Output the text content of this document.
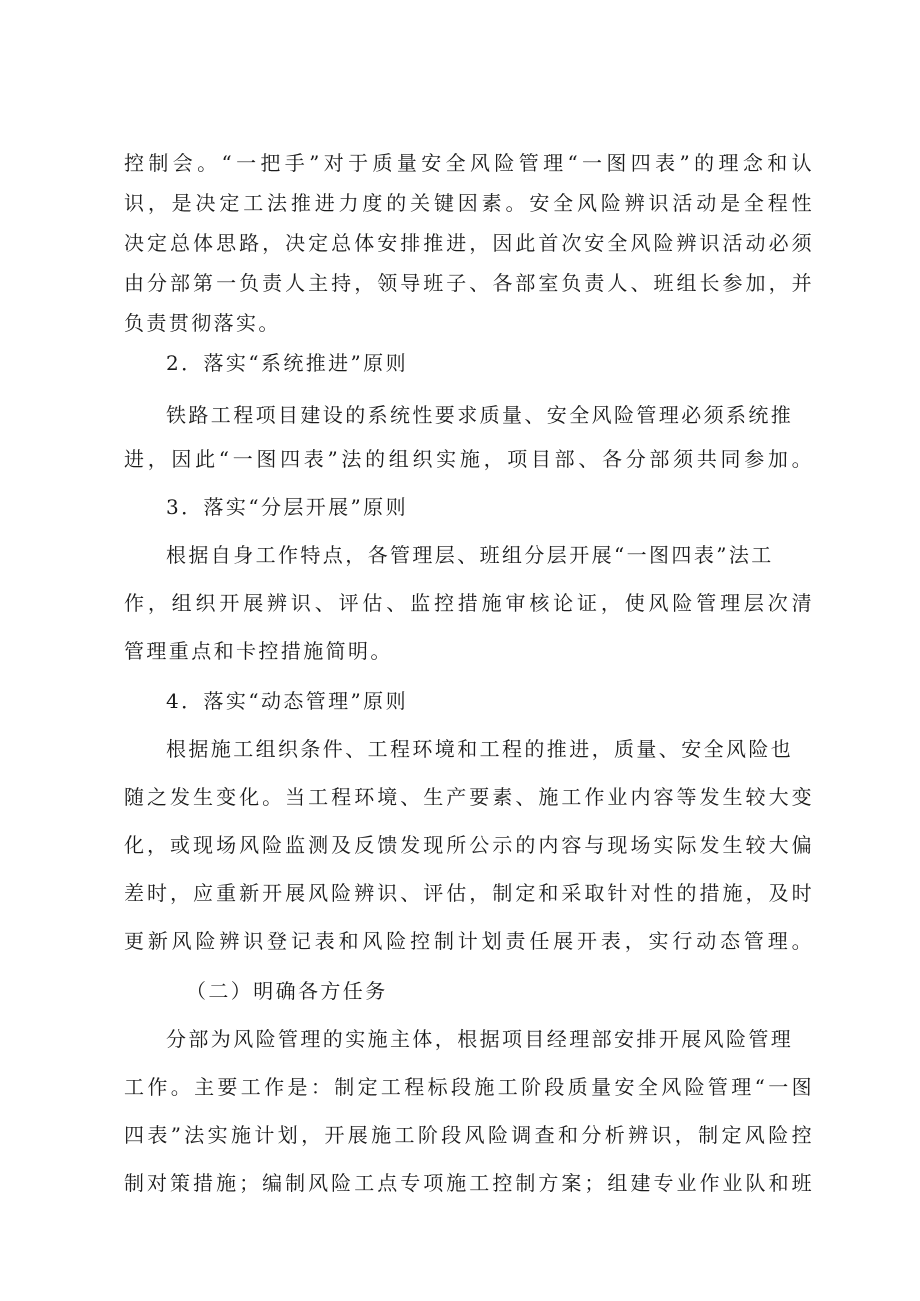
控制会。“一把手”对于质量安全风险管理“一图四表”的理念和认
识，是决定工法推进力度的关键因素。安全风险辨识活动是全程性
决定总体思路，决定总体安排推进，因此首次安全风险辨识活动必须
由分部第一负责人主持，领导班子、各部室负责人、班组长参加，并
负责贯彻落实。
2．落实“系统推进”原则
铁路工程项目建设的系统性要求质量、安全风险管理必须系统推
进，因此“一图四表”法的组织实施，项目部、各分部须共同参加。
3．落实“分层开展”原则
根据自身工作特点，各管理层、班组分层开展“一图四表”法工
作，组织开展辨识、评估、监控措施审核论证，使风险管理层次清
管理重点和卡控措施简明。
4．落实“动态管理”原则
根据施工组织条件、工程环境和工程的推进，质量、安全风险也
随之发生变化。当工程环境、生产要素、施工作业内容等发生较大变
化，或现场风险监测及反馈发现所公示的内容与现场实际发生较大偏
差时，应重新开展风险辨识、评估，制定和采取针对性的措施，及时
更新风险辨识登记表和风险控制计划责任展开表，实行动态管理。
（二）明确各方任务
分部为风险管理的实施主体，根据项目经理部安排开展风险管理
工作。主要工作是：制定工程标段施工阶段质量安全风险管理“一图
四表”法实施计划，开展施工阶段风险调查和分析辨识，制定风险控
制对策措施；编制风险工点专项施工控制方案；组建专业作业队和班
